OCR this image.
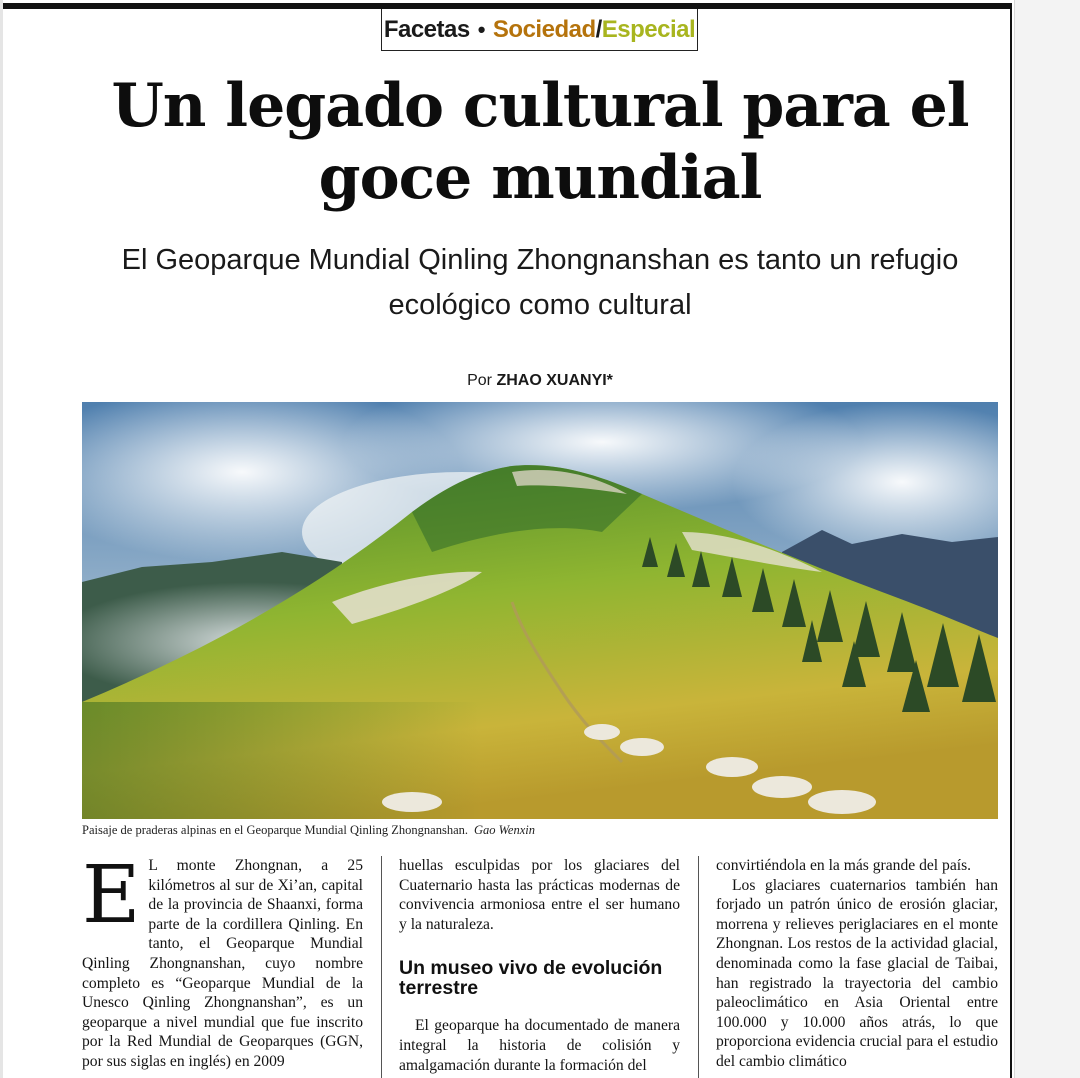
Facetas • Sociedad / Especial
Un legado cultural para el goce mundial

El Geoparque Mundial Qinling Zhongnanshan es tanto un refugio ecológico como cultural

Por ZHAO XUANYI*

Paisaje de praderas alpinas en el Geoparque Mundial Qinling Zhongnanshan. Gao Wenxin

E L monte Zhongnan, a 25 kilómetros al sur de Xi’an, capital de la provincia de Shaanxi, forma parte de la cordillera Qinling. En tanto, el Geoparque Mundial Qinling Zhongnanshan, cuyo nombre completo es “Geoparque Mundial de la Unesco Qinling Zhongnanshan”, es un geoparque a nivel mundial que fue inscrito por la Red Mundial de Geoparques (GGN, por sus siglas en inglés) en 2009

huellas esculpidas por los glaciares del Cuaternario hasta las prácticas modernas de convivencia armoniosa entre el ser humano y la naturaleza.

Un museo vivo de evolución terrestre

El geoparque ha documentado de manera integral la historia de colisión y amalgamación durante la formación del

convirtiéndola en la más grande del país.

Los glaciares cuaternarios también han forjado un patrón único de erosión glaciar, morrena y relieves periglaciares en el monte Zhongnan. Los restos de la actividad glacial, denominada como la fase glacial de Taibai, han registrado la trayectoria del cambio paleoclimático en Asia Oriental entre 100.000 y 10.000 años atrás, lo que proporciona evidencia crucial para el estudio del cambio climático
